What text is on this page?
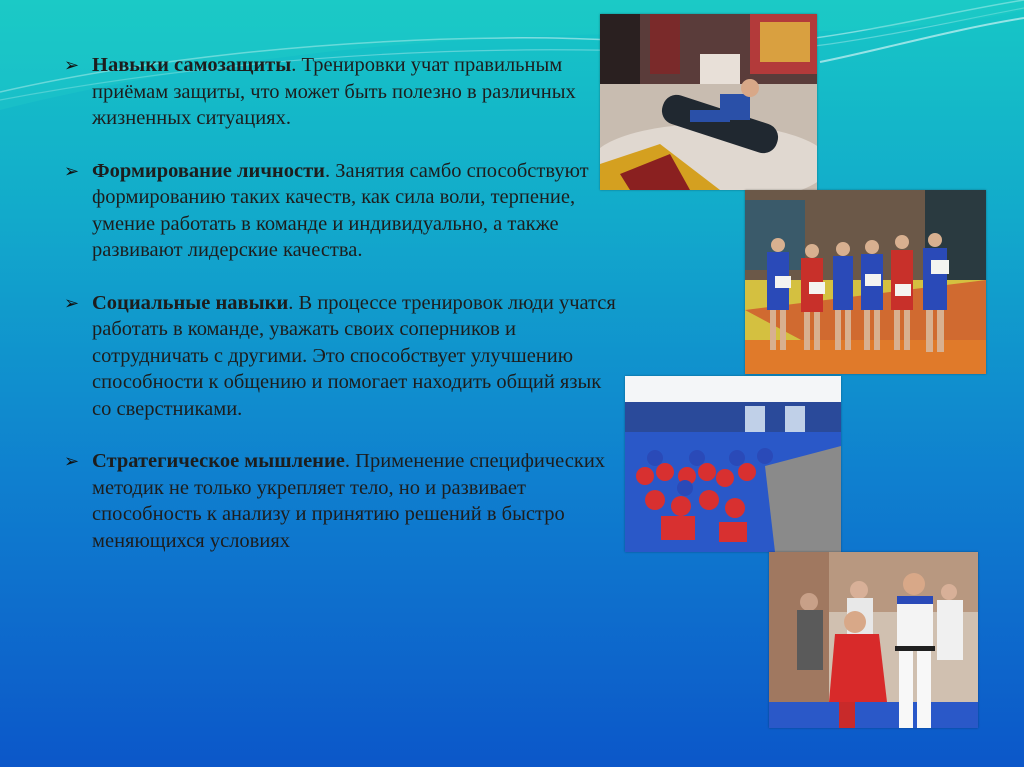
➢ Навыки самозащиты. Тренировки учат правильным приёмам защиты, что может быть полезно в различных жизненных ситуациях.
➢ Формирование личности. Занятия самбо способствуют формированию таких качеств, как сила воли, терпение, умение работать в команде и индивидуально, а также развивают лидерские качества.
➢ Социальные навыки. В процессе тренировок люди учатся работать в команде, уважать своих соперников и сотрудничать с другими. Это способствует улучшению способности к общению и помогает находить общий язык со сверстниками.
➢ Стратегическое мышление. Применение специфических методик не только укрепляет тело, но и развивает способность к анализу и принятию решений в быстро меняющихся условиях
